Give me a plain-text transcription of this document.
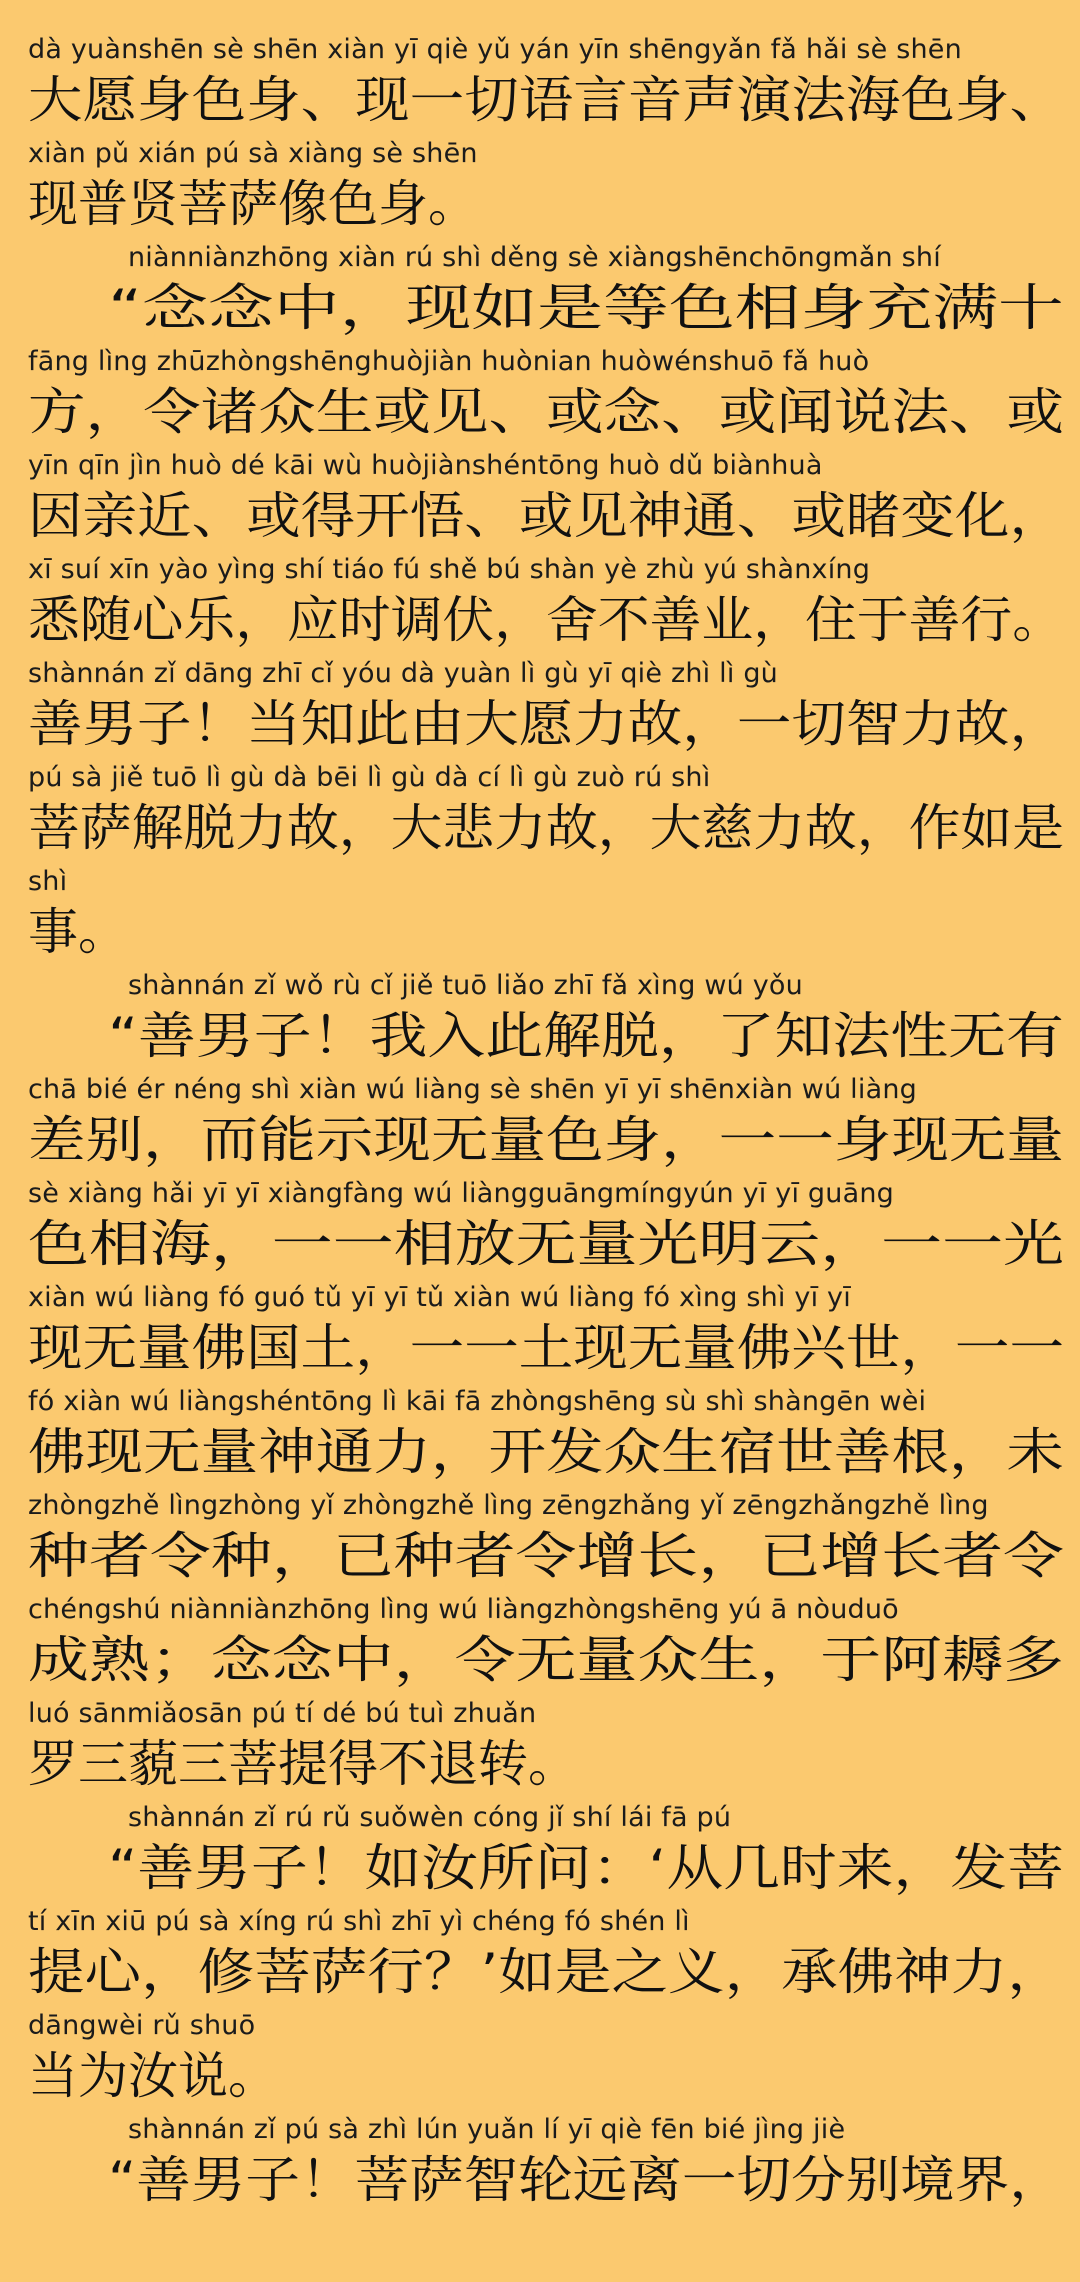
dà yuànshēn sè shēn xiàn yī qiè yǔ yán yīn shēngyǎn fǎ hǎi sè shēn
大愿身色身、现一切语言音声演法海色身、
xiàn pǔ xián pú sà xiàng sè shēn
现普贤菩萨像色身。
niànniànzhōng xiàn rú shì děng sè xiàngshēnchōngmǎn shí
“念念中，现如是等色相身充满十
fāng lìng zhūzhòngshēnghuòjiàn huònian huòwénshuō fǎ huò
方，令诸众生或见、或念、或闻说法、或
yīn qīn jìn huò dé kāi wù huòjiànshéntōng huò dǔ biànhuà
因亲近、或得开悟、或见神通、或睹变化，
xī suí xīn yào yìng shí tiáo fú shě bú shàn yè zhù yú shànxíng
悉随心乐，应时调伏，舍不善业，住于善行。
shànnán zǐ dāng zhī cǐ yóu dà yuàn lì gù yī qiè zhì lì gù
善男子！当知此由大愿力故，一切智力故，
pú sà jiě tuō lì gù dà bēi lì gù dà cí lì gù zuò rú shì
菩萨解脱力故，大悲力故，大慈力故，作如是
shì
事。
shànnán zǐ wǒ rù cǐ jiě tuō liǎo zhī fǎ xìng wú yǒu
“善男子！我入此解脱，了知法性无有
chā bié ér néng shì xiàn wú liàng sè shēn yī yī shēnxiàn wú liàng
差别，而能示现无量色身，一一身现无量
sè xiàng hǎi yī yī xiàngfàng wú liàngguāngmíngyún yī yī guāng
色相海，一一相放无量光明云，一一光
xiàn wú liàng fó guó tǔ yī yī tǔ xiàn wú liàng fó xìng shì yī yī
现无量佛国土，一一土现无量佛兴世，一一
fó xiàn wú liàngshéntōng lì kāi fā zhòngshēng sù shì shàngēn wèi
佛现无量神通力，开发众生宿世善根，未
zhòngzhě lìngzhòng yǐ zhòngzhě lìng zēngzhǎng yǐ zēngzhǎngzhě lìng
种者令种，已种者令增长，已增长者令
chéngshú niànniànzhōng lìng wú liàngzhòngshēng yú ā nòuduō
成熟；念念中，令无量众生，于阿耨多
luó sānmiǎosān pú tí dé bú tuì zhuǎn
罗三藐三菩提得不退转。
shànnán zǐ rú rǔ suǒwèn cóng jǐ shí lái fā pú
“善男子！如汝所问：‘从几时来，发菩
tí xīn xiū pú sà xíng rú shì zhī yì chéng fó shén lì
提心，修菩萨行？’如是之义，承佛神力，
dāngwèi rǔ shuō
当为汝说。
shànnán zǐ pú sà zhì lún yuǎn lí yī qiè fēn bié jìng jiè
“善男子！菩萨智轮远离一切分别境界，
